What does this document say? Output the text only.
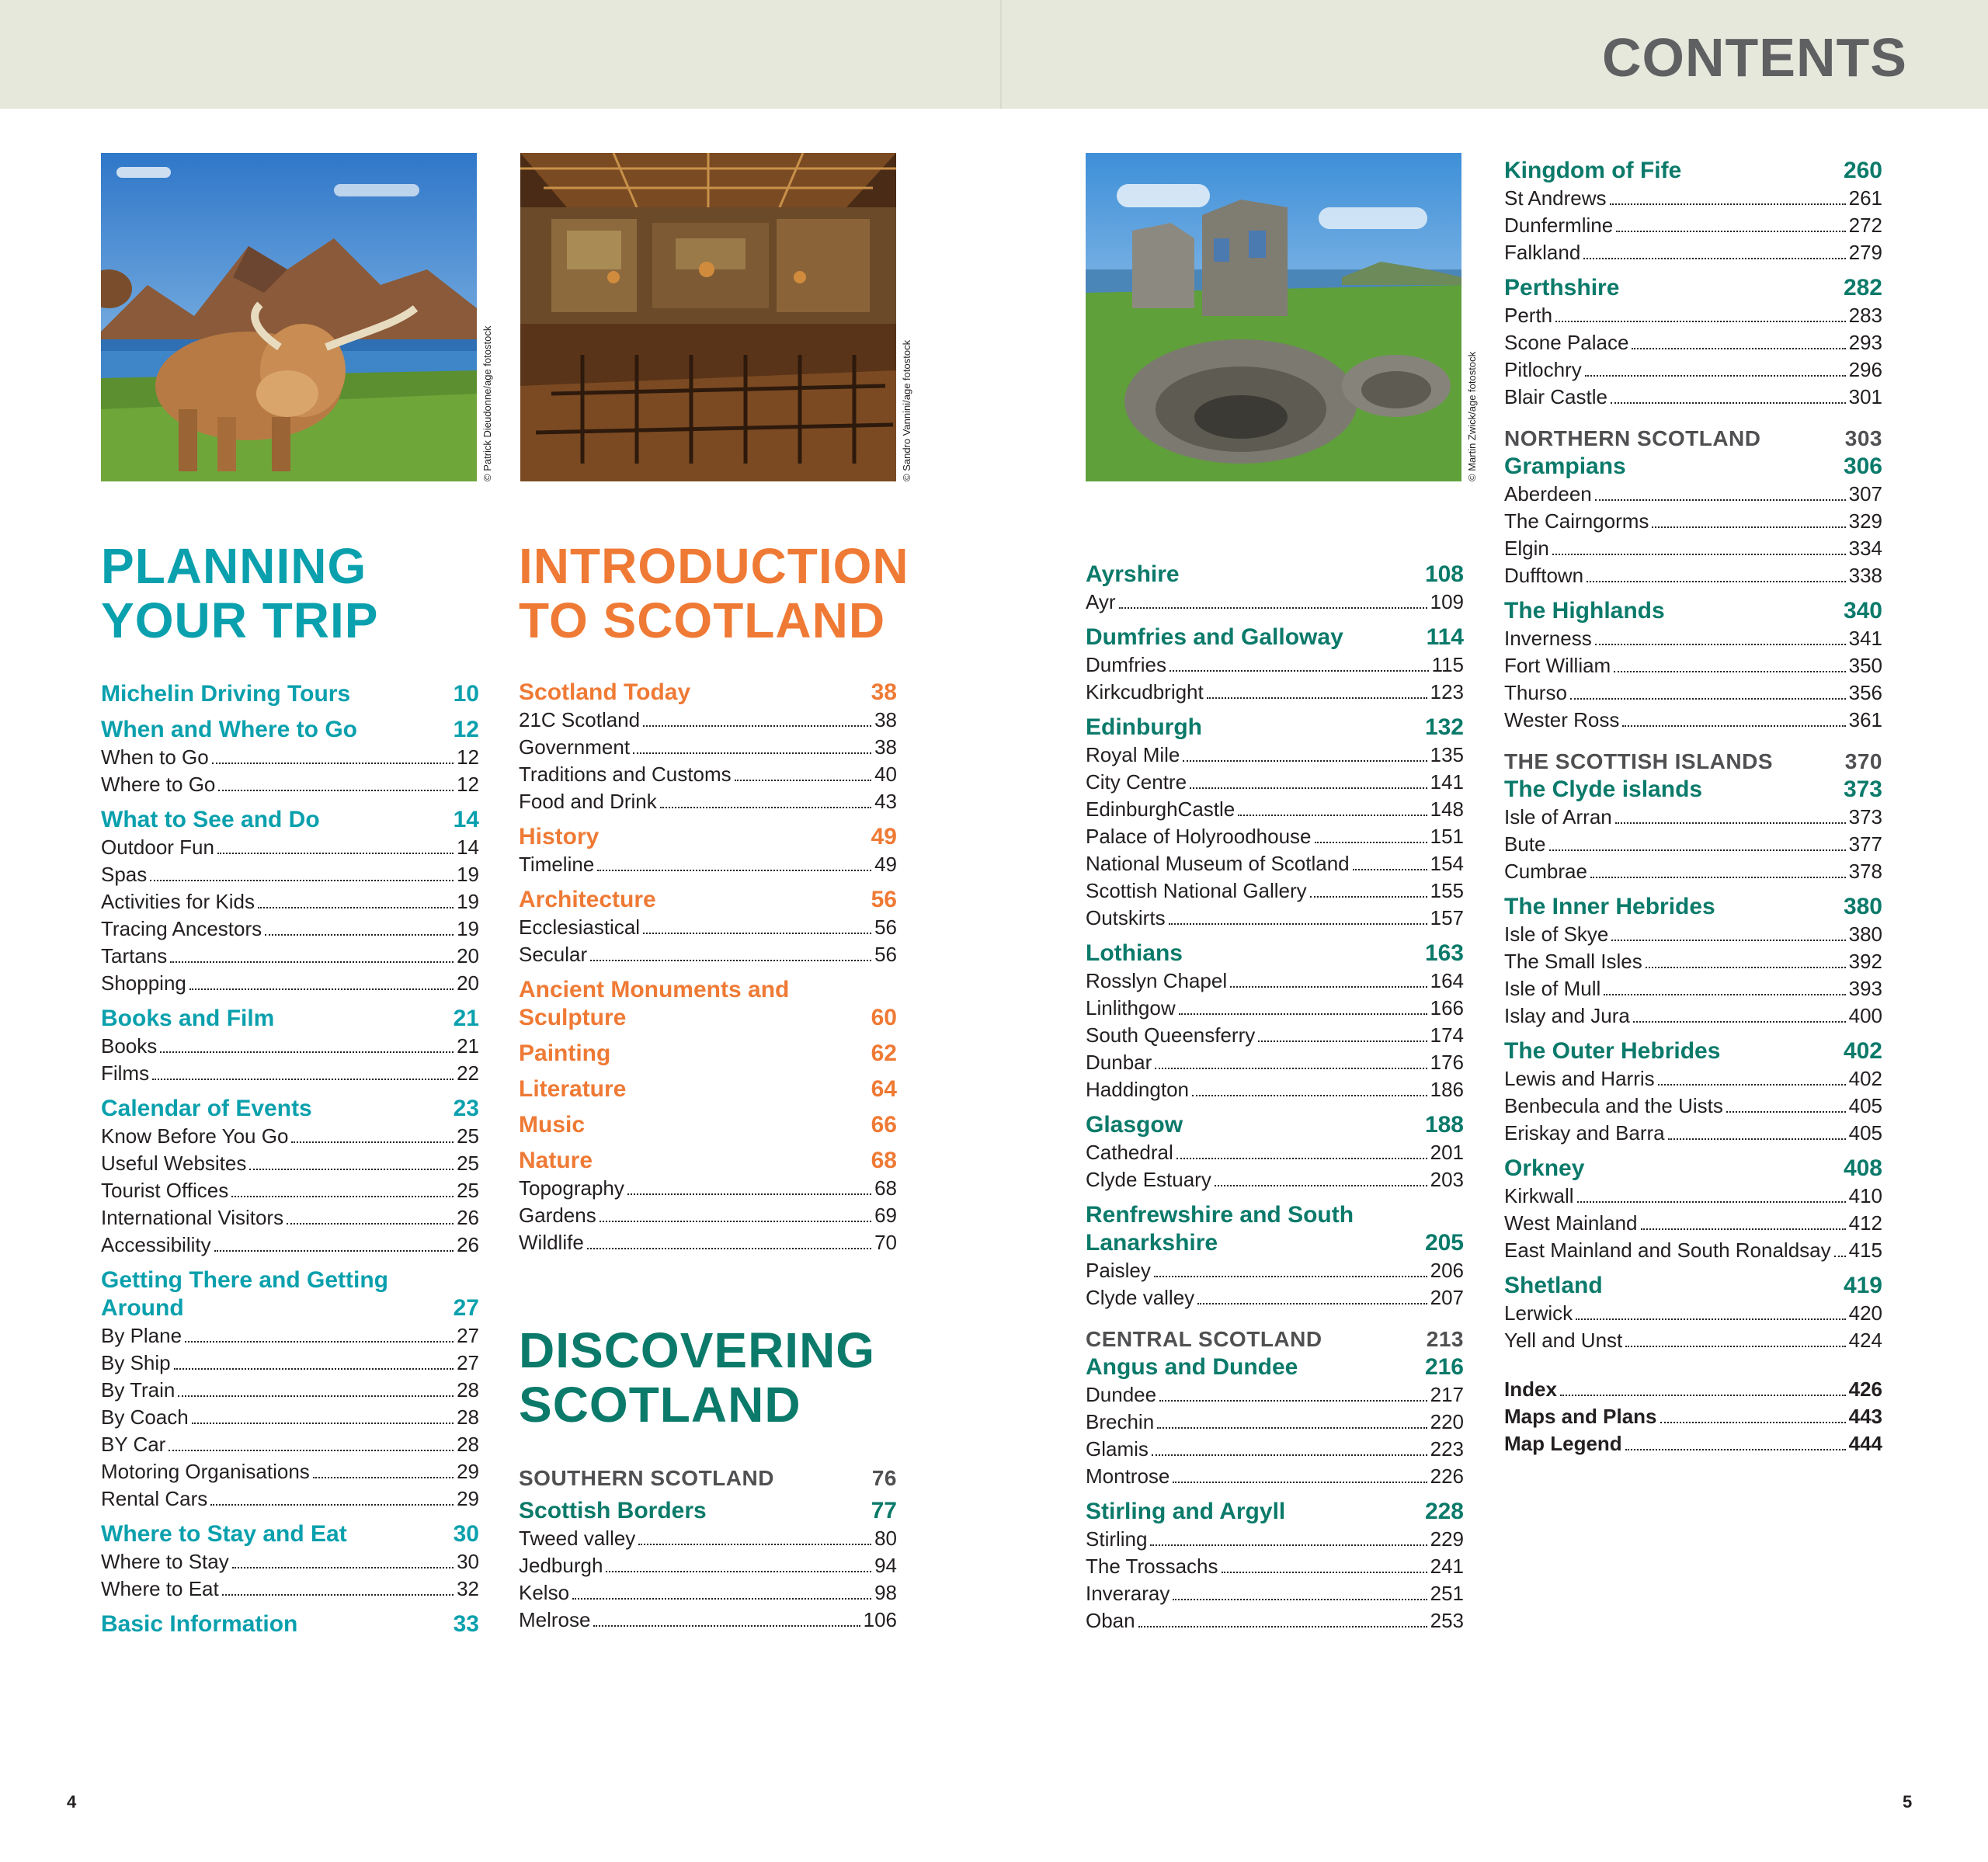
CONTENTS
© Patrick Dieudonne/age fotostock	© Sandro Vannini/age fotostock	© Martin Zwick/age fotostock
PLANNING
YOUR TRIP
Michelin Driving Tours	10
When and Where to Go	12
When to Go	12
Where to Go	12
What to See and Do	14
Outdoor Fun	14
Spas	19
Activities for Kids	19
Tracing Ancestors	19
Tartans	20
Shopping	20
Books and Film	21
Books	21
Films	22
Calendar of Events	23
Know Before You Go	25
Useful Websites	25
Tourist Offices	25
International Visitors	26
Accessibility	26
Getting There and Getting Around	27
By Plane	27
By Ship	27
By Train	28
By Coach	28
BY Car	28
Motoring Organisations	29
Rental Cars	29
Where to Stay and Eat	30
Where to Stay	30
Where to Eat	32
Basic Information	33
INTRODUCTION
TO SCOTLAND
Scotland Today	38
21C Scotland	38
Government	38
Traditions and Customs	40
Food and Drink	43
History	49
Timeline	49
Architecture	56
Ecclesiastical	56
Secular	56
Ancient Monuments and Sculpture	60
Painting	62
Literature	64
Music	66
Nature	68
Topography	68
Gardens	69
Wildlife	70
DISCOVERING
SCOTLAND
SOUTHERN SCOTLAND	76
Scottish Borders	77
Tweed valley	80
Jedburgh	94
Kelso	98
Melrose	106
Ayrshire	108
Ayr	109
Dumfries and Galloway	114
Dumfries	115
Kirkcudbright	123
Edinburgh	132
Royal Mile	135
City Centre	141
EdinburghCastle	148
Palace of Holyroodhouse	151
National Museum of Scotland	154
Scottish National Gallery	155
Outskirts	157
Lothians	163
Rosslyn Chapel	164
Linlithgow	166
South Queensferry	174
Dunbar	176
Haddington	186
Glasgow	188
Cathedral	201
Clyde Estuary	203
Renfrewshire and South Lanarkshire	205
Paisley	206
Clyde valley	207
CENTRAL SCOTLAND	213
Angus and Dundee	216
Dundee	217
Brechin	220
Glamis	223
Montrose	226
Stirling and Argyll	228
Stirling	229
The Trossachs	241
Inveraray	251
Oban	253
Kingdom of Fife	260
St Andrews	261
Dunfermline	272
Falkland	279
Perthshire	282
Perth	283
Scone Palace	293
Pitlochry	296
Blair Castle	301
NORTHERN SCOTLAND	303
Grampians	306
Aberdeen	307
The Cairngorms	329
Elgin	334
Dufftown	338
The Highlands	340
Inverness	341
Fort William	350
Thurso	356
Wester Ross	361
THE SCOTTISH ISLANDS	370
The Clyde islands	373
Isle of Arran	373
Bute	377
Cumbrae	378
The Inner Hebrides	380
Isle of Skye	380
The Small Isles	392
Isle of Mull	393
Islay and Jura	400
The Outer Hebrides	402
Lewis and Harris	402
Benbecula and the Uists	405
Eriskay and Barra	405
Orkney	408
Kirkwall	410
West Mainland	412
East Mainland and South Ronaldsay 415
Shetland	419
Lerwick	420
Yell and Unst	424
Index	426
Maps and Plans	443
Map Legend	444
4	5
